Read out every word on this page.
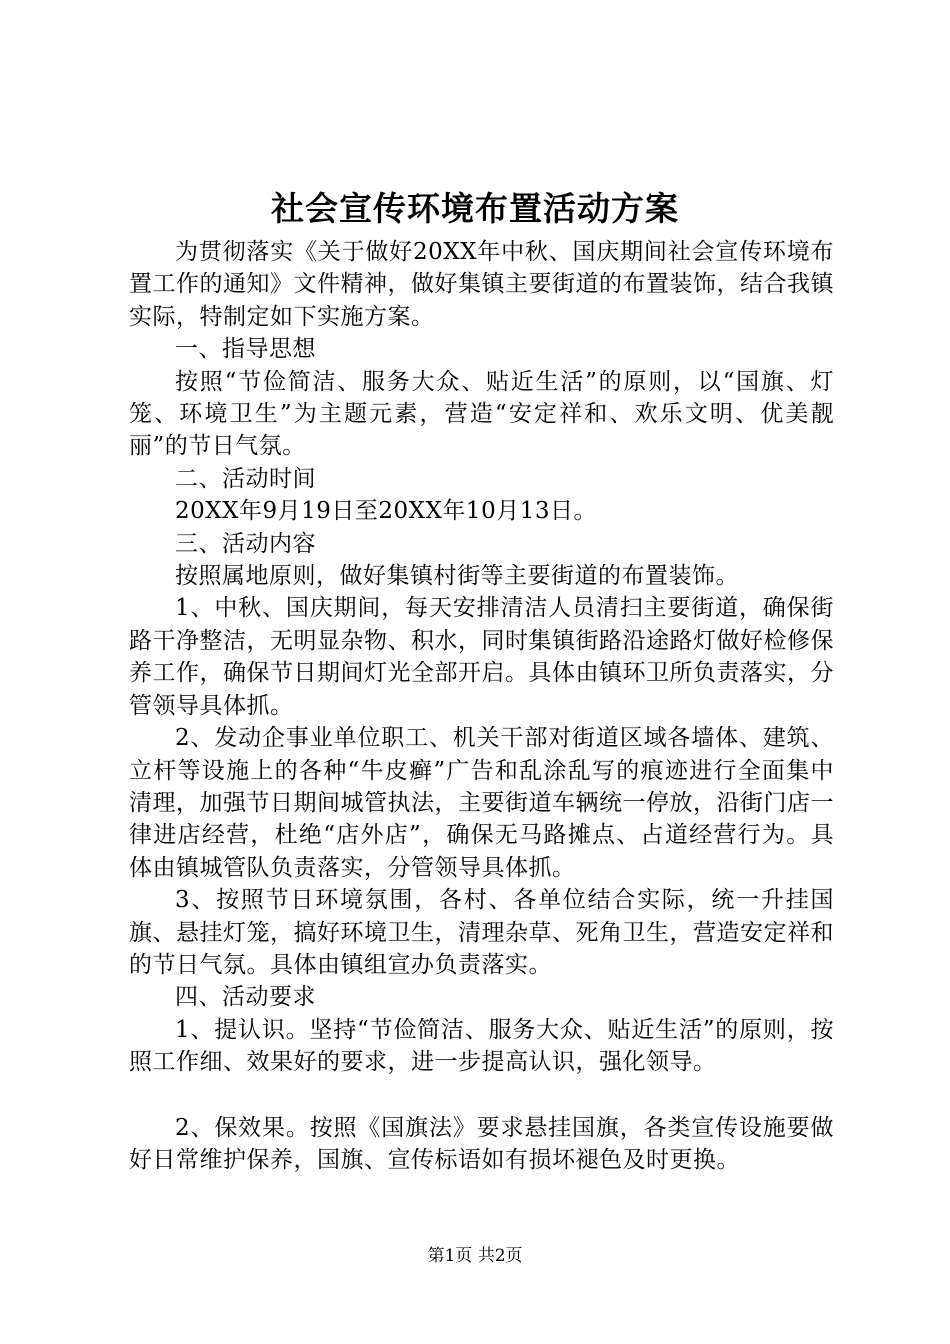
社会宣传环境布置活动方案

为贯彻落实《关于做好20XX年中秋、国庆期间社会宣传环境布置工作的通知》文件精神，做好集镇主要街道的布置装饰，结合我镇实际，特制定如下实施方案。

一、指导思想

按照“节俭简洁、服务大众、贴近生活”的原则，以“国旗、灯笼、环境卫生”为主题元素，营造“安定祥和、欢乐文明、优美靓丽”的节日气氛。

二、活动时间

20XX年9月19日至20XX年10月13日。

三、活动内容

按照属地原则，做好集镇村街等主要街道的布置装饰。

1、中秋、国庆期间，每天安排清洁人员清扫主要街道，确保街路干净整洁，无明显杂物、积水，同时集镇街路沿途路灯做好检修保养工作，确保节日期间灯光全部开启。具体由镇环卫所负责落实，分管领导具体抓。

2、发动企事业单位职工、机关干部对街道区域各墙体、建筑、立杆等设施上的各种“牛皮癣”广告和乱涂乱写的痕迹进行全面集中清理，加强节日期间城管执法，主要街道车辆统一停放，沿街门店一律进店经营，杜绝“店外店”，确保无马路摊点、占道经营行为。具体由镇城管队负责落实，分管领导具体抓。

3、按照节日环境氛围，各村、各单位结合实际，统一升挂国旗、悬挂灯笼，搞好环境卫生，清理杂草、死角卫生，营造安定祥和的节日气氛。具体由镇组宣办负责落实。

四、活动要求

1、提认识。坚持“节俭简洁、服务大众、贴近生活”的原则，按照工作细、效果好的要求，进一步提高认识，强化领导。

2、保效果。按照《国旗法》要求悬挂国旗，各类宣传设施要做好日常维护保养，国旗、宣传标语如有损坏褪色及时更换。

第1页 共2页
